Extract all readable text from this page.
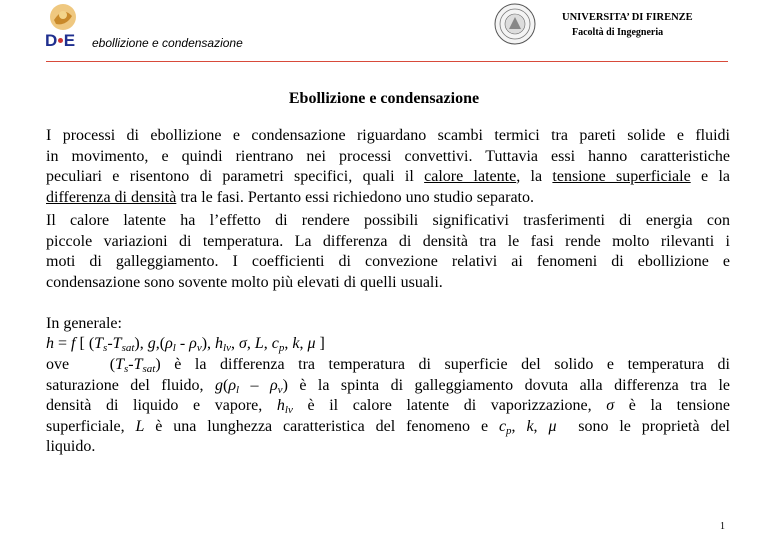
D E ebollizione e condensazione
UNIVERSITA’ DI FIRENZE
Facoltà di Ingegneria
Ebollizione e condensazione
I processi di ebollizione e condensazione riguardano scambi termici tra pareti solide e fluidi
in movimento, e quindi rientrano nei processi convettivi. Tuttavia essi hanno caratteristiche
peculiari e risentono di parametri specifici, quali il calore latente, la tensione superficiale e la
differenza di densità tra le fasi. Pertanto essi richiedono uno studio separato.
Il calore latente ha l’effetto di rendere possibili significativi trasferimenti di energia con
piccole variazioni di temperatura. La differenza di densità tra le fasi rende molto rilevanti i
moti di galleggiamento. I coefficienti di convezione relativi ai fenomeni di ebollizione e
condensazione sono sovente molto più elevati di quelli usuali.
In generale:
h = f [ $(T_s-T_{sat})$, $g,(\rho_l - \rho_v)$, $h_{lv}$, σ, L, $c_p$, k, μ ]
ove   $(T_s-T_{sat})$ è la differenza tra temperatura di superficie del solido e temperatura di
saturazione del fluido, $g(\rho_l - \rho_v)$ è la spinta di galleggiamento dovuta alla differenza tra le
densità di liquido e vapore, $h_{lv}$ è il calore latente di vaporizzazione, σ è la tensione
superficiale, L è una lunghezza caratteristica del fenomeno e $c_p$, k, μ  sono le proprietà del
liquido.
1
